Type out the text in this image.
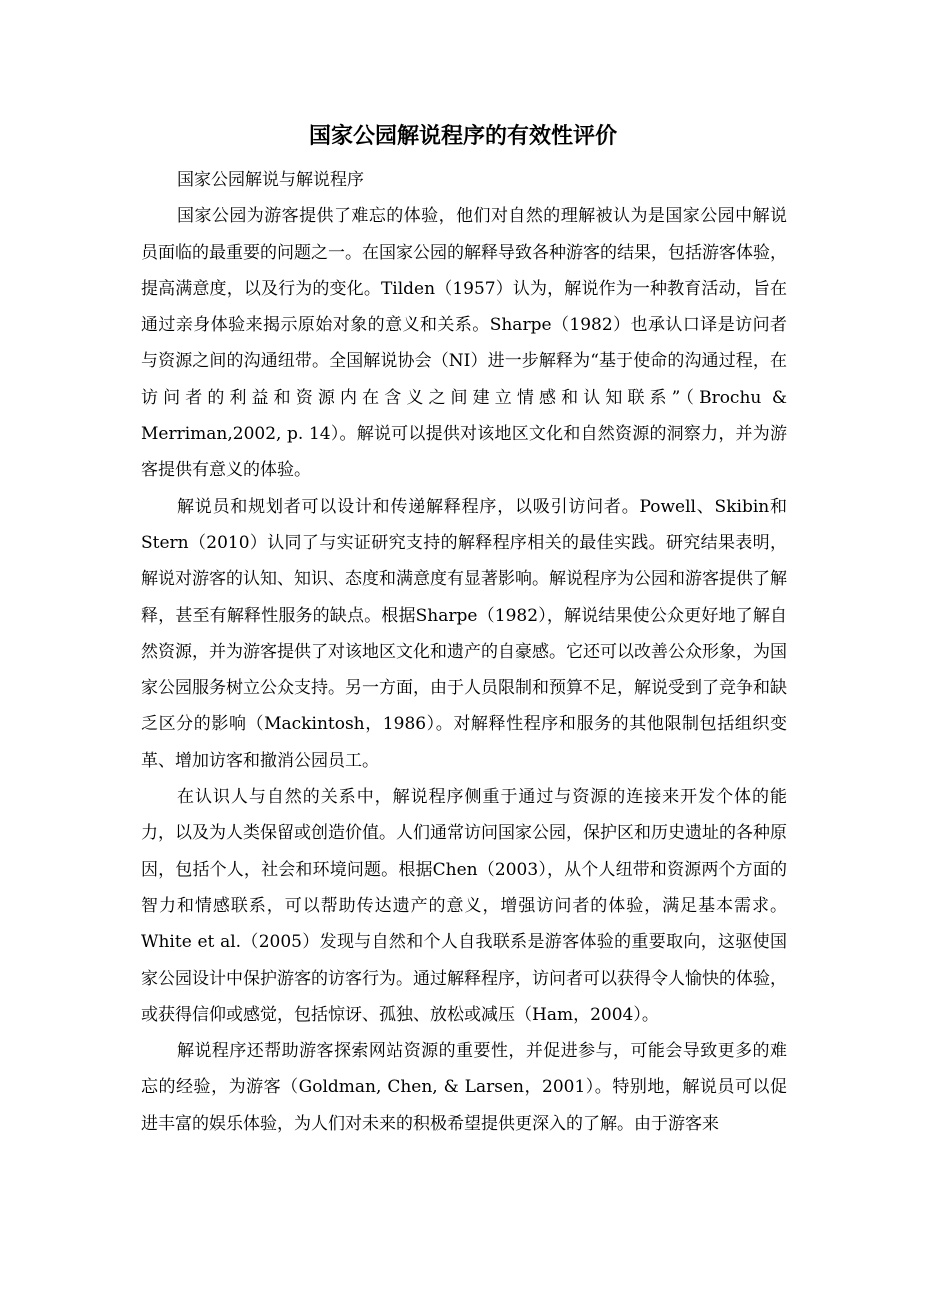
国家公园解说程序的有效性评价

国家公园解说与解说程序

国家公园为游客提供了难忘的体验，他们对自然的理解被认为是国家公园中解说员面临的最重要的问题之一。在国家公园的解释导致各种游客的结果，包括游客体验，提高满意度，以及行为的变化。Tilden（1957）认为，解说作为一种教育活动，旨在通过亲身体验来揭示原始对象的意义和关系。Sharpe（1982）也承认口译是访问者与资源之间的沟通纽带。全国解说协会（NI）进一步解释为“基于使命的沟通过程，在访问者的利益和资源内在含义之间建立情感和认知联系”（Brochu & Merriman,2002, p. 14）。解说可以提供对该地区文化和自然资源的洞察力，并为游客提供有意义的体验。

解说员和规划者可以设计和传递解释程序，以吸引访问者。Powell、Skibin和Stern（2010）认同了与实证研究支持的解释程序相关的最佳实践。研究结果表明，解说对游客的认知、知识、态度和满意度有显著影响。解说程序为公园和游客提供了解释，甚至有解释性服务的缺点。根据Sharpe（1982），解说结果使公众更好地了解自然资源，并为游客提供了对该地区文化和遗产的自豪感。它还可以改善公众形象，为国家公园服务树立公众支持。另一方面，由于人员限制和预算不足，解说受到了竞争和缺乏区分的影响（Mackintosh，1986）。对解释性程序和服务的其他限制包括组织变革、增加访客和撤消公园员工。

在认识人与自然的关系中，解说程序侧重于通过与资源的连接来开发个体的能力，以及为人类保留或创造价值。人们通常访问国家公园，保护区和历史遗址的各种原因，包括个人，社会和环境问题。根据Chen（2003），从个人纽带和资源两个方面的智力和情感联系，可以帮助传达遗产的意义，增强访问者的体验，满足基本需求。White et al.（2005）发现与自然和个人自我联系是游客体验的重要取向，这驱使国家公园设计中保护游客的访客行为。通过解释程序，访问者可以获得令人愉快的体验，或获得信仰或感觉，包括惊讶、孤独、放松或减压（Ham，2004）。

解说程序还帮助游客探索网站资源的重要性，并促进参与，可能会导致更多的难忘的经验，为游客（Goldman, Chen, & Larsen，2001）。特别地，解说员可以促进丰富的娱乐体验，为人们对未来的积极希望提供更深入的了解。由于游客来
